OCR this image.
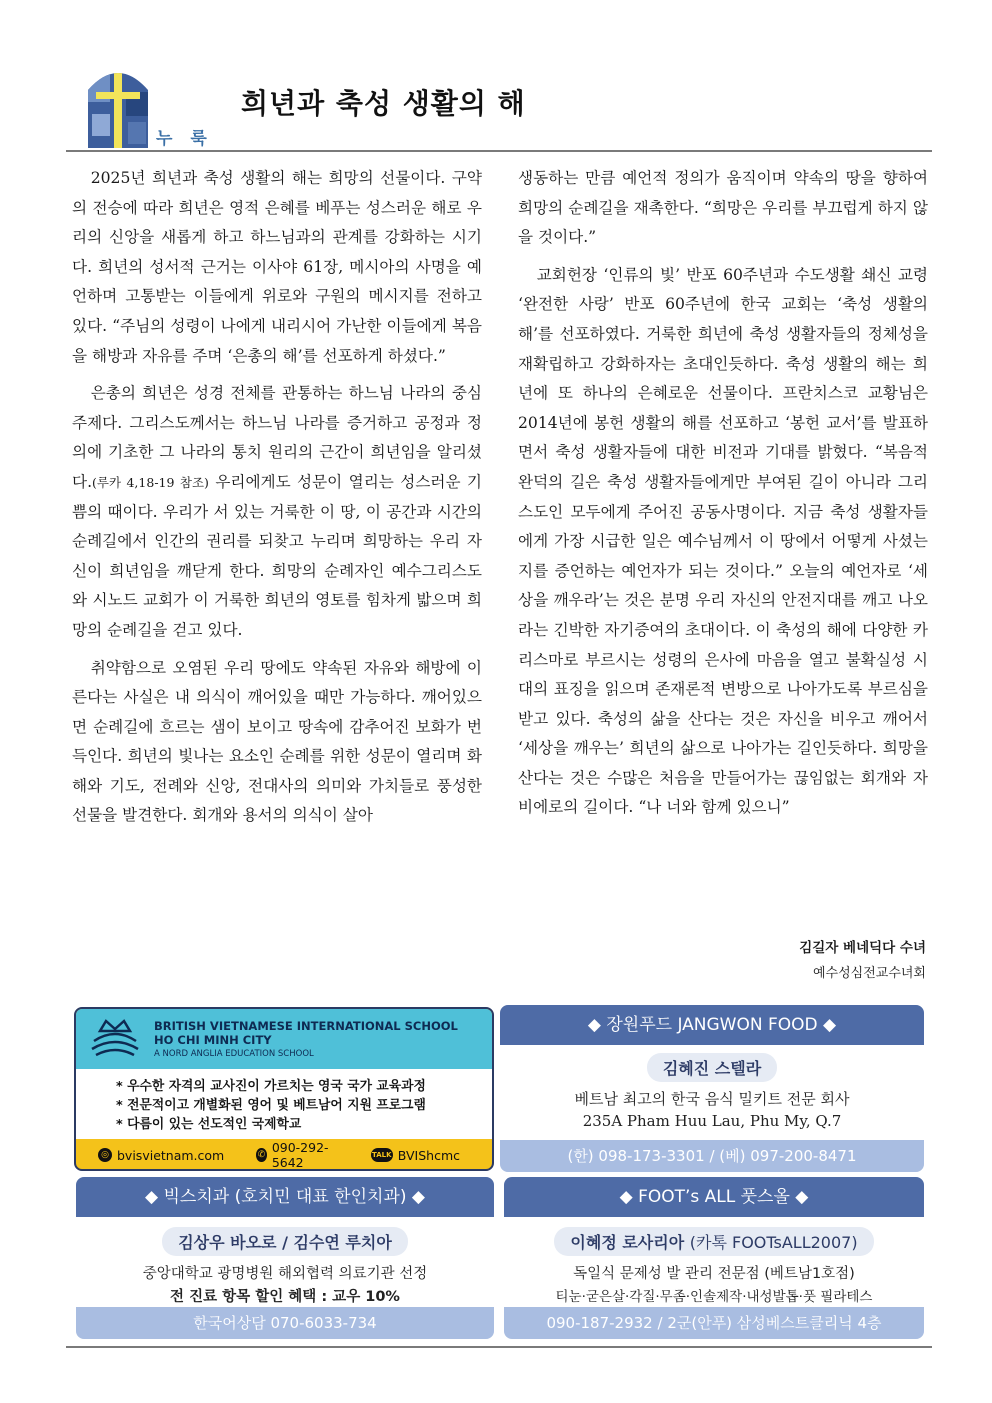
누 룩
희년과 축성 생활의 해

2025년 희년과 축성 생활의 해는 희망의 선물이다. 구약의 전승에 따라 희년은 영적 은혜를 베푸는 성스러운 해로 우리의 신앙을 새롭게 하고 하느님과의 관계를 강화하는 시기다. 희년의 성서적 근거는 이사야 61장, 메시아의 사명을 예언하며 고통받는 이들에게 위로와 구원의 메시지를 전하고 있다. “주님의 성령이 나에게 내리시어 가난한 이들에게 복음을 해방과 자유를 주며 ‘은총의 해’를 선포하게 하셨다.”

은총의 희년은 성경 전체를 관통하는 하느님 나라의 중심 주제다. 그리스도께서는 하느님 나라를 증거하고 공정과 정의에 기초한 그 나라의 통치 원리의 근간이 희년임을 알리셨다.(루카 4,18-19 참조) 우리에게도 성문이 열리는 성스러운 기쁨의 때이다. 우리가 서 있는 거룩한 이 땅, 이 공간과 시간의 순례길에서 인간의 권리를 되찾고 누리며 희망하는 우리 자신이 희년임을 깨닫게 한다. 희망의 순례자인 예수그리스도와 시노드 교회가 이 거룩한 희년의 영토를 힘차게 밟으며 희망의 순례길을 걷고 있다.

취약함으로 오염된 우리 땅에도 약속된 자유와 해방에 이른다는 사실은 내 의식이 깨어있을 때만 가능하다. 깨어있으면 순례길에 흐르는 샘이 보이고 땅속에 감추어진 보화가 번득인다. 희년의 빛나는 요소인 순례를 위한 성문이 열리며 화해와 기도, 전례와 신앙, 전대사의 의미와 가치들로 풍성한 선물을 발견한다. 회개와 용서의 의식이 살아

생동하는 만큼 예언적 정의가 움직이며 약속의 땅을 향하여 희망의 순례길을 재촉한다. “희망은 우리를 부끄럽게 하지 않을 것이다.”

교회헌장 ‘인류의 빛’ 반포 60주년과 수도생활 쇄신 교령 ‘완전한 사랑’ 반포 60주년에 한국 교회는 ‘축성 생활의 해’를 선포하였다. 거룩한 희년에 축성 생활자들의 정체성을 재확립하고 강화하자는 초대인듯하다. 축성 생활의 해는 희년에 또 하나의 은혜로운 선물이다. 프란치스코 교황님은 2014년에 봉헌 생활의 해를 선포하고 ‘봉헌 교서’를 발표하면서 축성 생활자들에 대한 비전과 기대를 밝혔다. “복음적 완덕의 길은 축성 생활자들에게만 부여된 길이 아니라 그리스도인 모두에게 주어진 공동사명이다. 지금 축성 생활자들에게 가장 시급한 일은 예수님께서 이 땅에서 어떻게 사셨는지를 증언하는 예언자가 되는 것이다.” 오늘의 예언자로 ‘세상을 깨우라’는 것은 분명 우리 자신의 안전지대를 깨고 나오라는 긴박한 자기증여의 초대이다. 이 축성의 해에 다양한 카리스마로 부르시는 성령의 은사에 마음을 열고 불확실성 시대의 표징을 읽으며 존재론적 변방으로 나아가도록 부르심을 받고 있다. 축성의 삶을 산다는 것은 자신을 비우고 깨어서 ‘세상을 깨우는’ 희년의 삶으로 나아가는 길인듯하다. 희망을 산다는 것은 수많은 처음을 만들어가는 끊임없는 회개와 자비에로의 길이다. “나 너와 함께 있으니”

김길자 베네딕다 수녀
예수성심전교수녀회
BRITISH VIETNAMESE INTERNATIONAL SCHOOL
HO CHI MINH CITY
A NORD ANGLIA EDUCATION SCHOOL
* 우수한 자격의 교사진이 가르치는 영국 국가 교육과정
* 전문적이고 개별화된 영어 및 베트남어 지원 프로그램
* 다름이 있는 선도적인 국제학교
◎ bvisvietnam.com	✆ 090-292-5642	TALK BVIShcmc
◆ 장원푸드 JANGWON FOOD ◆
김혜진 스텔라
베트남 최고의 한국 음식 밀키트 전문 회사
235A Pham Huu Lau, Phu My, Q.7
(한) 098-173-3301 / (베) 097-200-8471
◆ 빅스치과 (호치민 대표 한인치과) ◆
김상우 바오로 / 김수연 루치아
중앙대학교 광명병원 해외협력 의료기관 선정
전 진료 항목 할인 혜택 : 교우 10%
한국어상담 070-6033-734
◆ FOOT’s ALL 풋스올 ◆
이혜정 로사리아 (카톡 FOOTsALL2007)
독일식 문제성 발 관리 전문점 (베트남1호점)
티눈·굳은살·각질·무좀·인솔제작·내성발톱·풋 필라테스
090-187-2932 / 2군(안푸) 삼성베스트클리닉 4층
